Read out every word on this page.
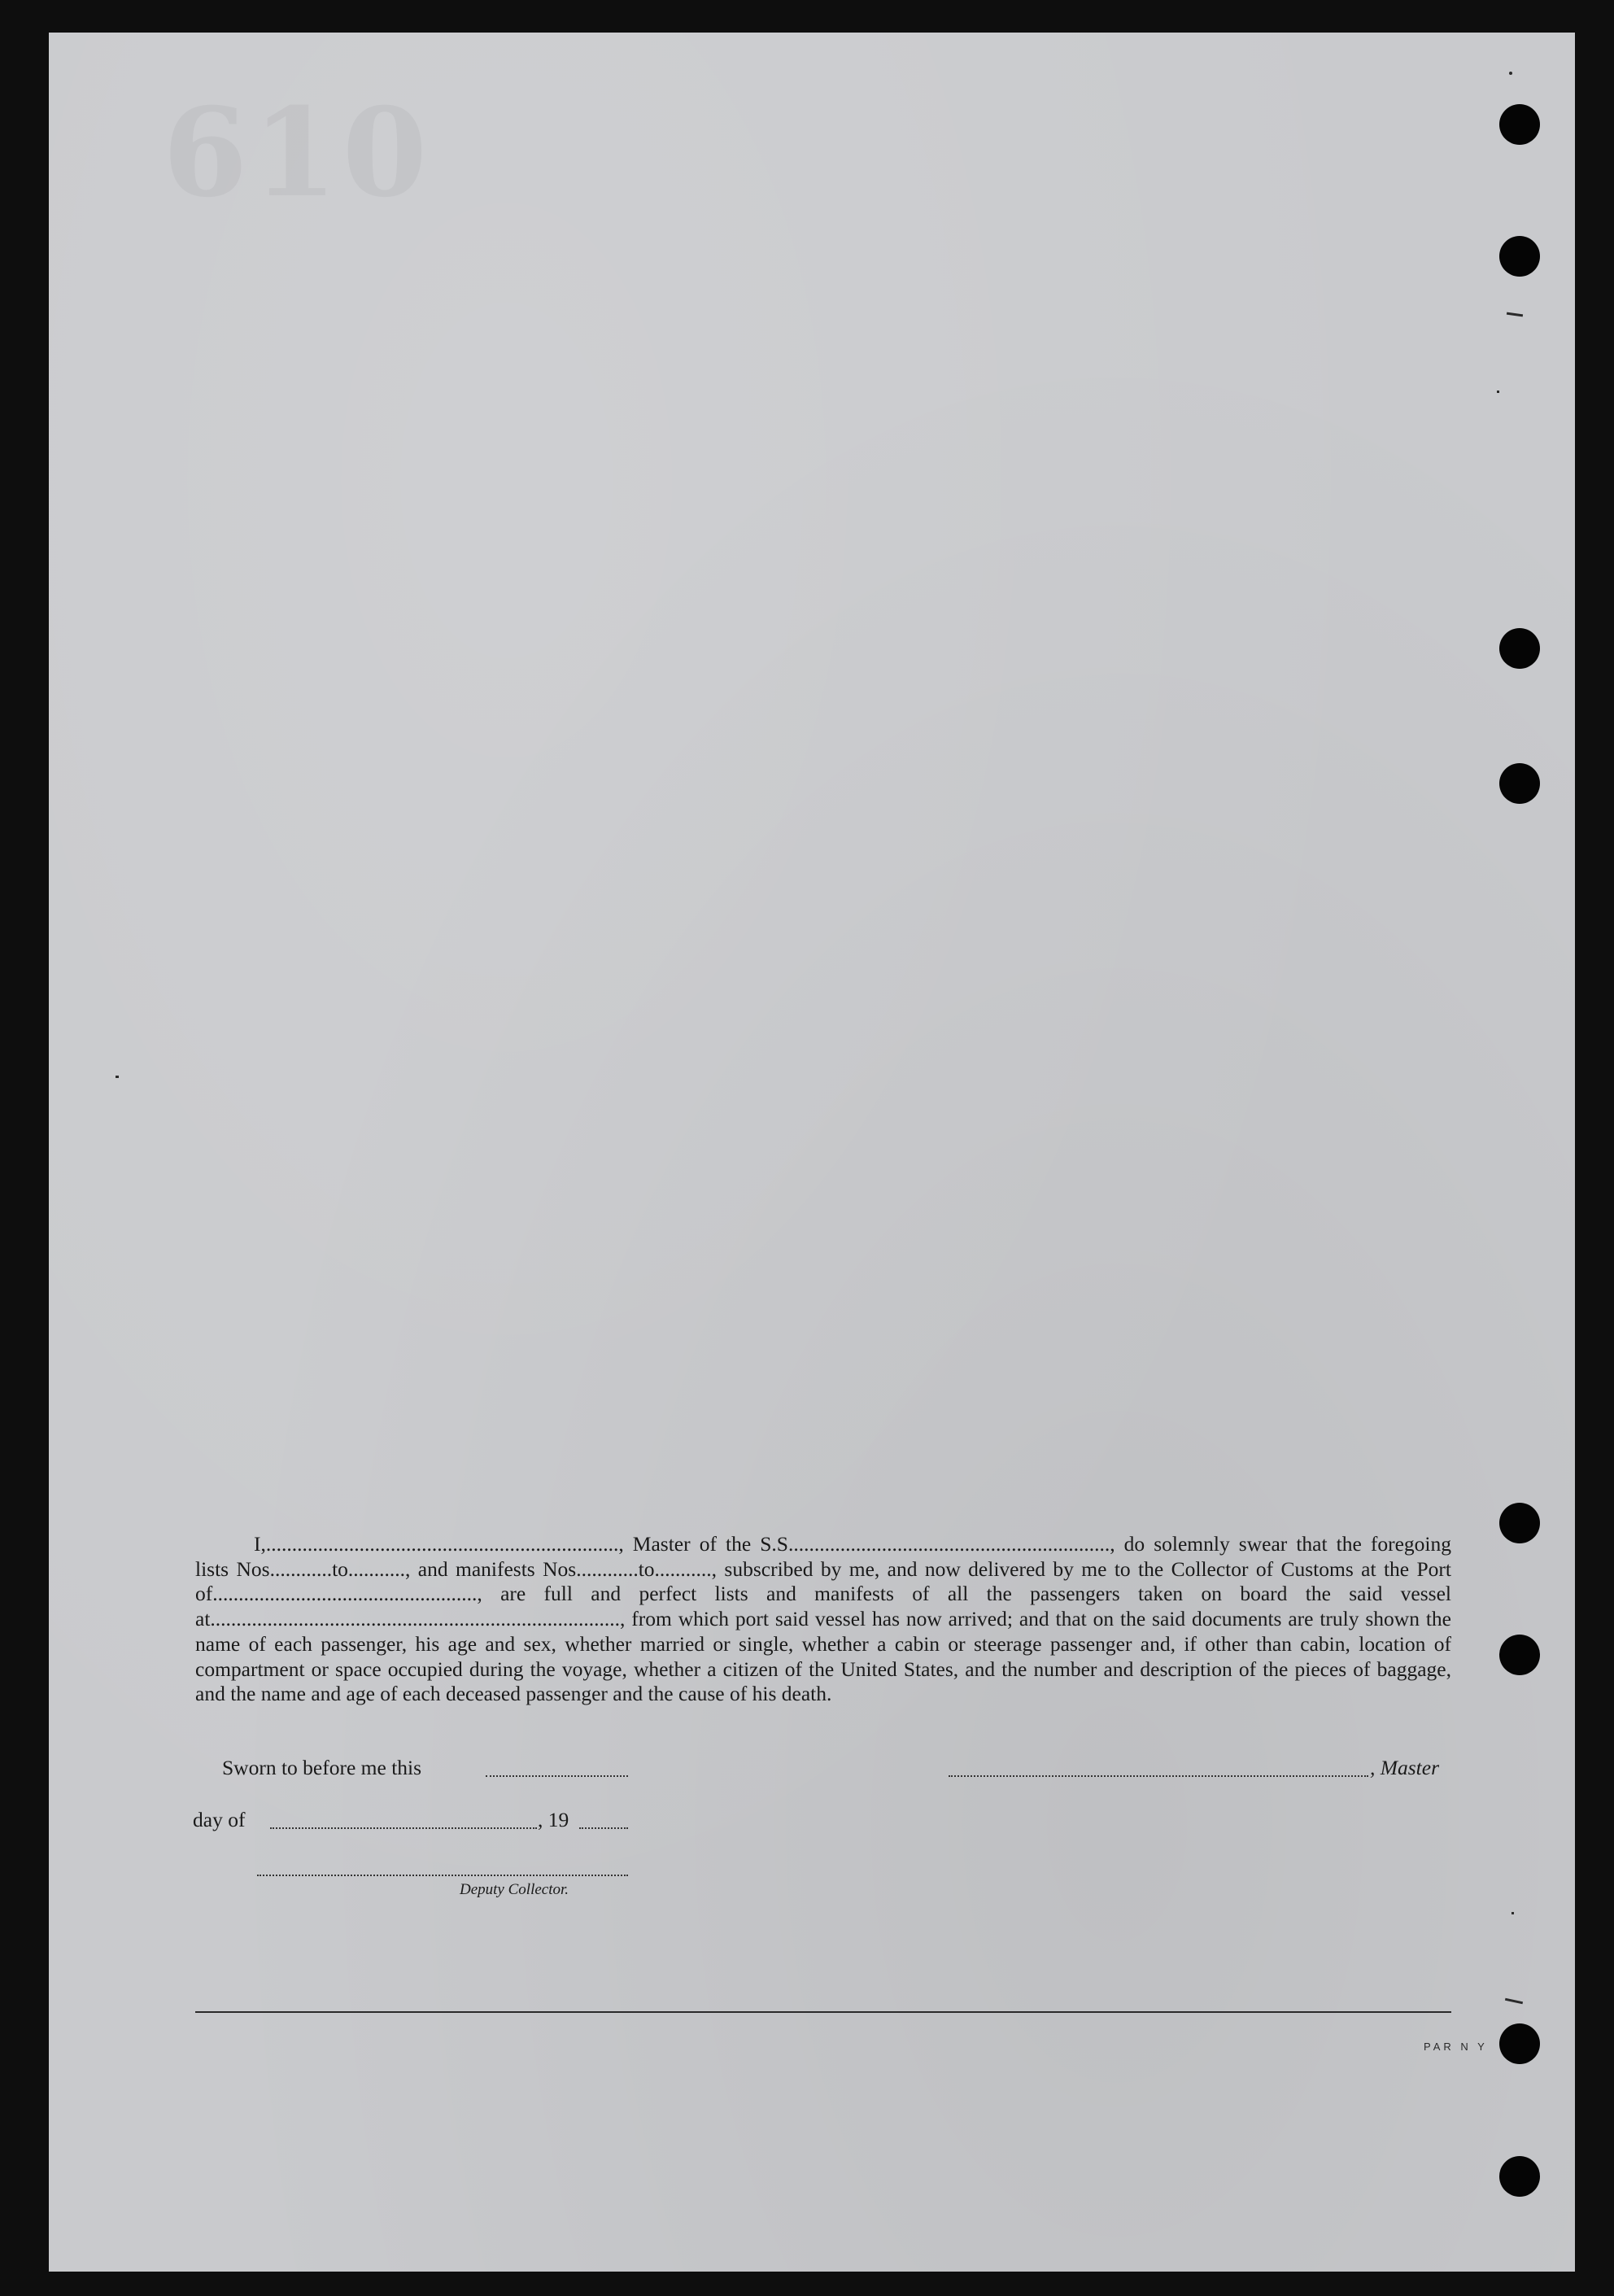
610
PAR N Y

I,...................................................................., Master of the S.S.............................................................., do solemnly swear that the foregoing lists Nos............to..........., and manifests Nos............to..........., subscribed by me, and now delivered by me to the Collector of Customs at the Port of..................................................., are full and perfect lists and manifests of all the passengers taken on board the said vessel at..............................................................................., from which port said vessel has now arrived; and that on the said documents are truly shown the name of each passenger, his age and sex, whether married or single, whether a cabin or steerage passenger and, if other than cabin, location of compartment or space occupied during the voyage, whether a citizen of the United States, and the number and description of the pieces of baggage, and the name and age of each deceased passenger and the cause of his death.

Sworn to before me this	, Master
day of	, 19
Deputy Collector.
